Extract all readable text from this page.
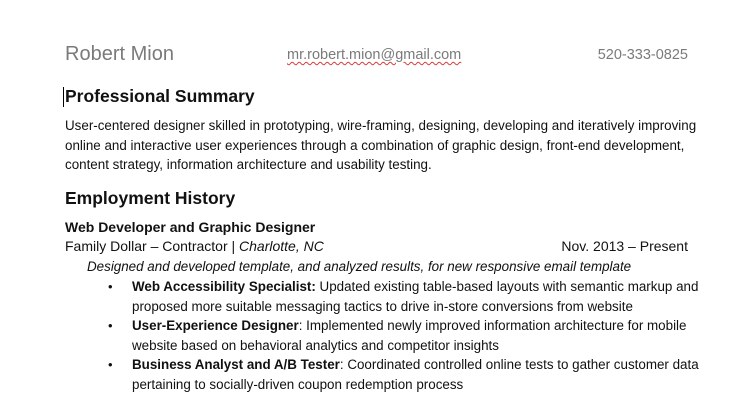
Robert Mion	mr.robert.mion@gmail.com	520-333-0825
Professional Summary

User-centered designer skilled in prototyping, wire-framing, designing, developing and iteratively improving online and interactive user experiences through a combination of graphic design, front-end development, content strategy, information architecture and usability testing.

Employment History
Web Developer and Graphic Designer
Family Dollar – Contractor | Charlotte, NC	Nov. 2013 – Present
Designed and developed template, and analyzed results, for new responsive email template
• Web Accessibility Specialist: Updated existing table-based layouts with semantic markup and proposed more suitable messaging tactics to drive in-store conversions from website
• User-Experience Designer: Implemented newly improved information architecture for mobile website based on behavioral analytics and competitor insights
• Business Analyst and A/B Tester: Coordinated controlled online tests to gather customer data pertaining to socially-driven coupon redemption process
